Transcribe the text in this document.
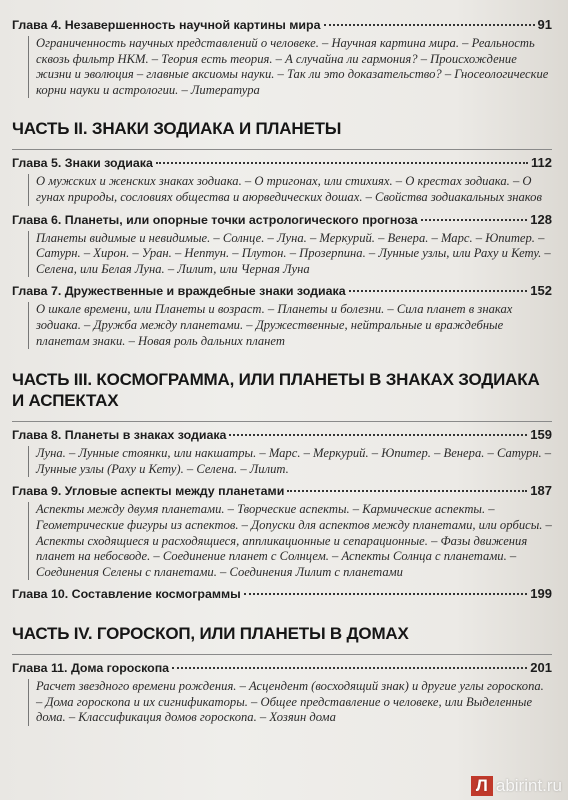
Глава 4. Незавершенность научной картины мира	91
Ограниченность научных представлений о человеке. – Научная картина мира. – Реальность сквозь фильтр НКМ. – Теория есть теория. – А случайна ли гармония? – Происхождение жизни и эволюция – главные аксиомы науки. – Так ли это доказательство? – Гносеологические корни науки и астрологии. – Литература
ЧАСТЬ II. ЗНАКИ ЗОДИАКА И ПЛАНЕТЫ
Глава 5. Знаки зодиака	112
О мужских и женских знаках зодиака. – О тригонах, или стихиях. – О крестах зодиака. – О гунах природы, сословиях общества и аюрведических дошах. – Свойства зодиакальных знаков
Глава 6. Планеты, или опорные точки астрологического прогноза	128
Планеты видимые и невидимые. – Солнце. – Луна. – Меркурий. – Венера. – Марс. – Юпитер. – Сатурн. – Хирон. – Уран. – Нептун. – Плутон. – Прозерпина. – Лунные узлы, или Раху и Кету. – Селена, или Белая Луна. – Лилит, или Черная Луна
Глава 7. Дружественные и враждебные знаки зодиака	152
О шкале времени, или Планеты и возраст. – Планеты и болезни. – Сила планет в знаках зодиака. – Дружба между планетами. – Дружественные, нейтральные и враждебные планетам знаки. – Новая роль дальних планет
ЧАСТЬ III. КОСМОГРАММА, ИЛИ ПЛАНЕТЫ В ЗНАКАХ ЗОДИАКА И АСПЕКТАХ
Глава 8. Планеты в знаках зодиака	159
Луна. – Лунные стоянки, или накшатры. – Марс. – Меркурий. – Юпитер. – Венера. – Сатурн. – Лунные узлы (Раху и Кету). – Селена. – Лилит.
Глава 9. Угловые аспекты между планетами	187
Аспекты между двумя планетами. – Творческие аспекты. – Кармические аспекты. – Геометрические фигуры из аспектов. – Допуски для аспектов между планетами, или орбисы. – Аспекты сходящиеся и расходящиеся, аппликационные и сепарационные. – Фазы движения планет на небосводе. – Соединение планет с Солнцем. – Аспекты Солнца с планетами. – Соединения Селены с планетами. – Соединения Лилит с планетами
Глава 10. Составление космограммы	199
ЧАСТЬ IV. ГОРОСКОП, ИЛИ ПЛАНЕТЫ В ДОМАХ
Глава 11. Дома гороскопа	201
Расчет звездного времени рождения. – Асцендент (восходящий знак) и другие углы гороскопа. – Дома гороскопа и их сигнификаторы. – Общее представление о человеке, или Выделенные дома. – Классификация домов гороскопа. – Хозяин дома
Л abirint.ru
